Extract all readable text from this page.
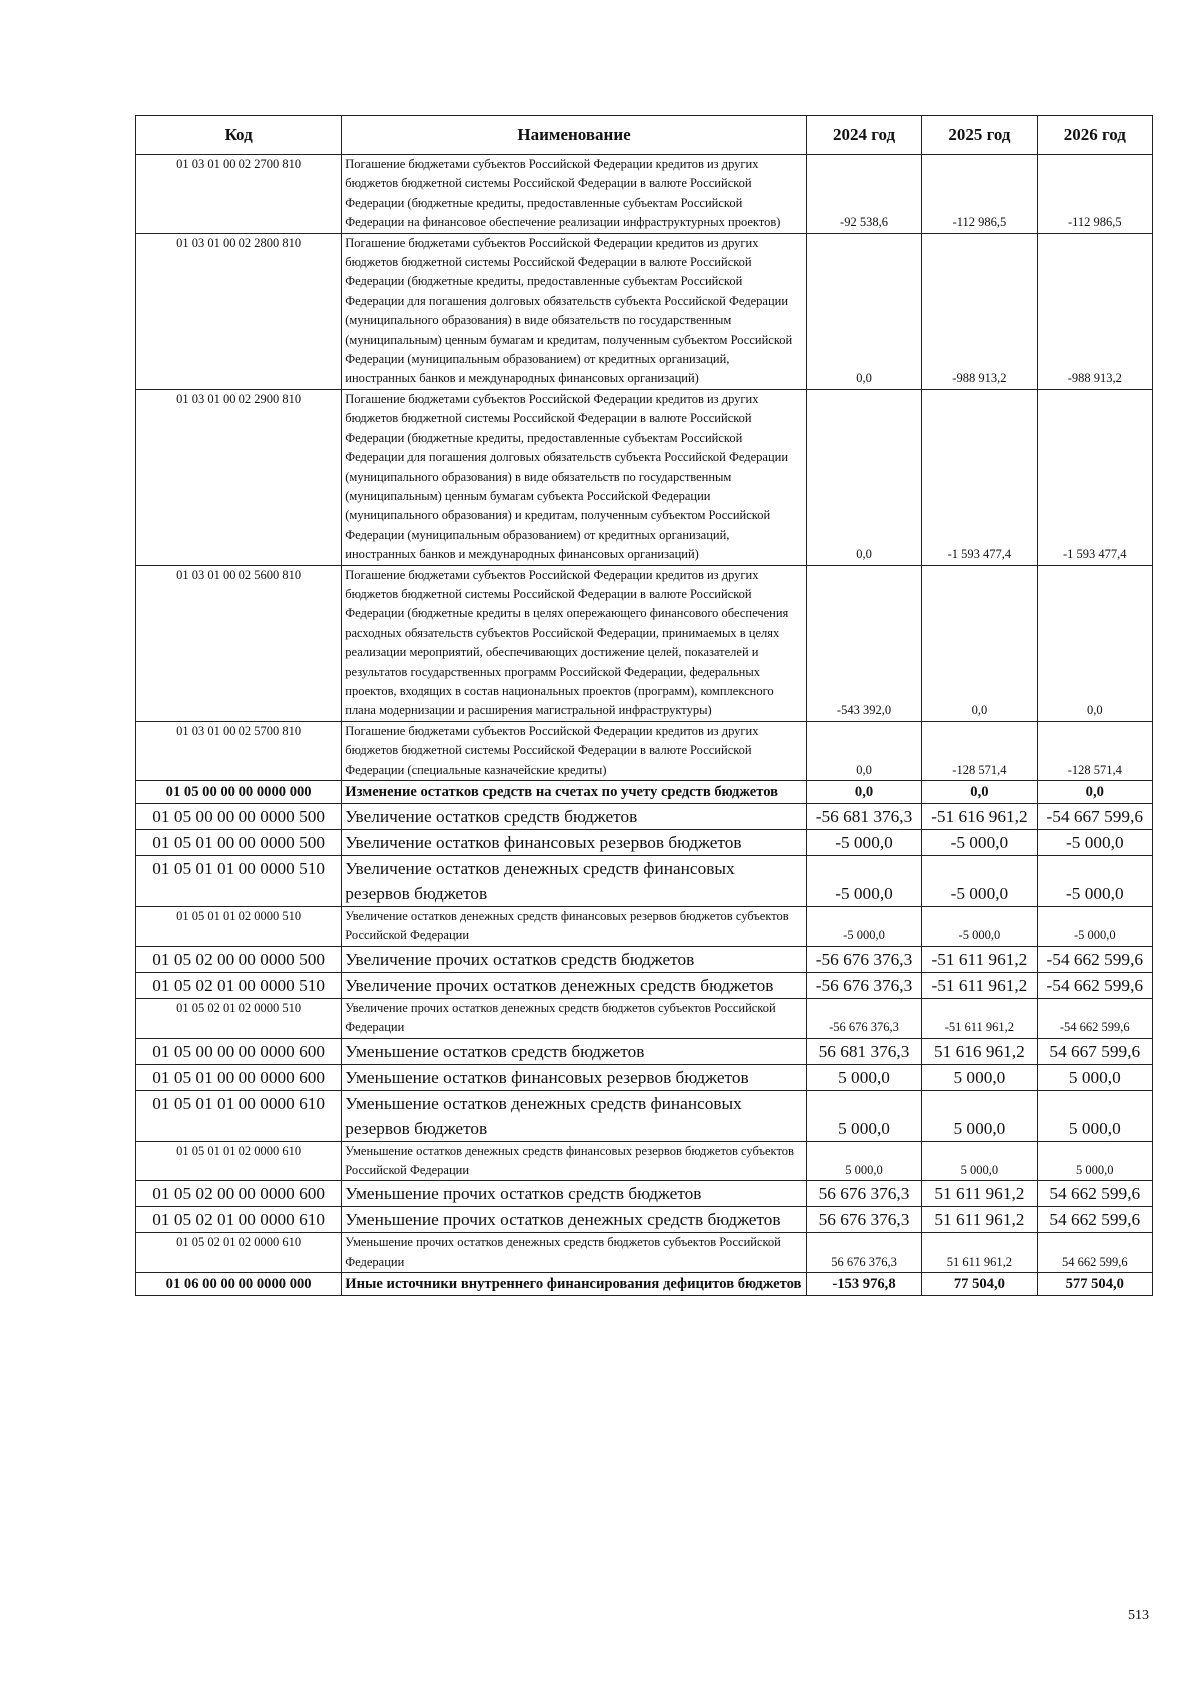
Код	Наименование	2024 год	2025 год	2026 год
01 03 01 00 02 2700 810	Погашение бюджетами субъектов Российской Федерации кредитов из других бюджетов бюджетной системы Российской Федерации в валюте Российской Федерации (бюджетные кредиты, предоставленные субъектам Российской Федерации на финансовое обеспечение реализации инфраструктурных проектов)	-92 538,6	-112 986,5	-112 986,5
01 03 01 00 02 2800 810	Погашение бюджетами субъектов Российской Федерации кредитов из других бюджетов бюджетной системы Российской Федерации в валюте Российской Федерации (бюджетные кредиты, предоставленные субъектам Российской Федерации для погашения долговых обязательств субъекта Российской Федерации (муниципального образования) в виде обязательств по государственным (муниципальным) ценным бумагам и кредитам, полученным субъектом Российской Федерации (муниципальным образованием) от кредитных организаций, иностранных банков и международных финансовых организаций)	0,0	-988 913,2	-988 913,2
01 03 01 00 02 2900 810	Погашение бюджетами субъектов Российской Федерации кредитов из других бюджетов бюджетной системы Российской Федерации в валюте Российской Федерации (бюджетные кредиты, предоставленные субъектам Российской Федерации для погашения долговых обязательств субъекта Российской Федерации (муниципального образования) в виде обязательств по государственным (муниципальным) ценным бумагам субъекта Российской Федерации (муниципального образования) и кредитам, полученным субъектом Российской Федерации (муниципальным образованием) от кредитных организаций, иностранных банков и международных финансовых организаций)	0,0	-1 593 477,4	-1 593 477,4
01 03 01 00 02 5600 810	Погашение бюджетами субъектов Российской Федерации кредитов из других бюджетов бюджетной системы Российской Федерации в валюте Российской Федерации (бюджетные кредиты в целях опережающего финансового обеспечения расходных обязательств субъектов Российской Федерации, принимаемых в целях реализации мероприятий, обеспечивающих достижение целей, показателей и результатов государственных программ Российской Федерации, федеральных проектов, входящих в состав национальных проектов (программ), комплексного плана модернизации и расширения магистральной инфраструктуры)	-543 392,0	0,0	0,0
01 03 01 00 02 5700 810	Погашение бюджетами субъектов Российской Федерации кредитов из других бюджетов бюджетной системы Российской Федерации в валюте Российской Федерации (специальные казначейские кредиты)	0,0	-128 571,4	-128 571,4
01 05 00 00 00 0000 000	Изменение остатков средств на счетах по учету средств бюджетов	0,0	0,0	0,0
01 05 00 00 00 0000 500	Увеличение остатков средств бюджетов	-56 681 376,3	-51 616 961,2	-54 667 599,6
01 05 01 00 00 0000 500	Увеличение остатков финансовых резервов бюджетов	-5 000,0	-5 000,0	-5 000,0
01 05 01 01 00 0000 510	Увеличение остатков денежных средств финансовых резервов бюджетов	-5 000,0	-5 000,0	-5 000,0
01 05 01 01 02 0000 510	Увеличение остатков денежных средств финансовых резервов бюджетов субъектов Российской Федерации	-5 000,0	-5 000,0	-5 000,0
01 05 02 00 00 0000 500	Увеличение прочих остатков средств бюджетов	-56 676 376,3	-51 611 961,2	-54 662 599,6
01 05 02 01 00 0000 510	Увеличение прочих остатков денежных средств бюджетов	-56 676 376,3	-51 611 961,2	-54 662 599,6
01 05 02 01 02 0000 510	Увеличение прочих остатков денежных средств бюджетов субъектов Российской Федерации	-56 676 376,3	-51 611 961,2	-54 662 599,6
01 05 00 00 00 0000 600	Уменьшение остатков средств бюджетов	56 681 376,3	51 616 961,2	54 667 599,6
01 05 01 00 00 0000 600	Уменьшение остатков финансовых резервов бюджетов	5 000,0	5 000,0	5 000,0
01 05 01 01 00 0000 610	Уменьшение остатков денежных средств финансовых резервов бюджетов	5 000,0	5 000,0	5 000,0
01 05 01 01 02 0000 610	Уменьшение остатков денежных средств финансовых резервов бюджетов субъектов Российской Федерации	5 000,0	5 000,0	5 000,0
01 05 02 00 00 0000 600	Уменьшение прочих остатков средств бюджетов	56 676 376,3	51 611 961,2	54 662 599,6
01 05 02 01 00 0000 610	Уменьшение прочих остатков денежных средств бюджетов	56 676 376,3	51 611 961,2	54 662 599,6
01 05 02 01 02 0000 610	Уменьшение прочих остатков денежных средств бюджетов субъектов Российской Федерации	56 676 376,3	51 611 961,2	54 662 599,6
01 06 00 00 00 0000 000	Иные источники внутреннего финансирования дефицитов бюджетов	-153 976,8	77 504,0	577 504,0
513
